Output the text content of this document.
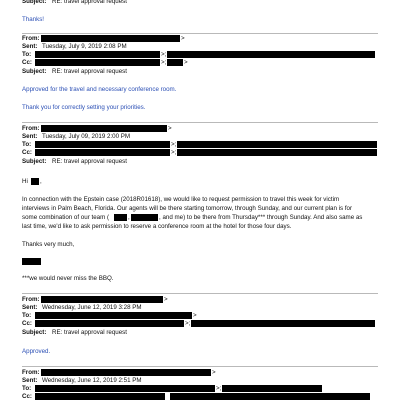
Subject: RE: travel approval request
Thanks!
From:	>
Sent: Tuesday, July 9, 2019 2:08 PM
To:	>;
Cc:	>;	>
Subject: RE: travel approval request
Approved for the travel and necessary conference room.
Thank you for correctly setting your priorities.
From:	>
Sent: Tuesday, July 09, 2019 2:00 PM
To:	>;
Cc:	>;
Subject: RE: travel approval request
Hi ,
In connection with the Epstein case (2018R01618), we would like to request permission to travel this week for victim
interviews in Palm Beach, Florida. Our agents will be there starting tomorrow, through Sunday, and our current plan is for
some combination of our team (	,	, and me) to be there from Thursday*** through Sunday. And also same as
last time, we'd like to ask permission to reserve a conference room at the hotel for those four days.
Thanks very much,
***we would never miss the BBQ.
From:	>
Sent: Wednesday, June 12, 2019 3:28 PM
To:	>
Cc:	>;
Subject: RE: travel approval request
Approved.
From:	>
Sent: Wednesday, June 12, 2019 2:51 PM
To:	>;
Cc:
